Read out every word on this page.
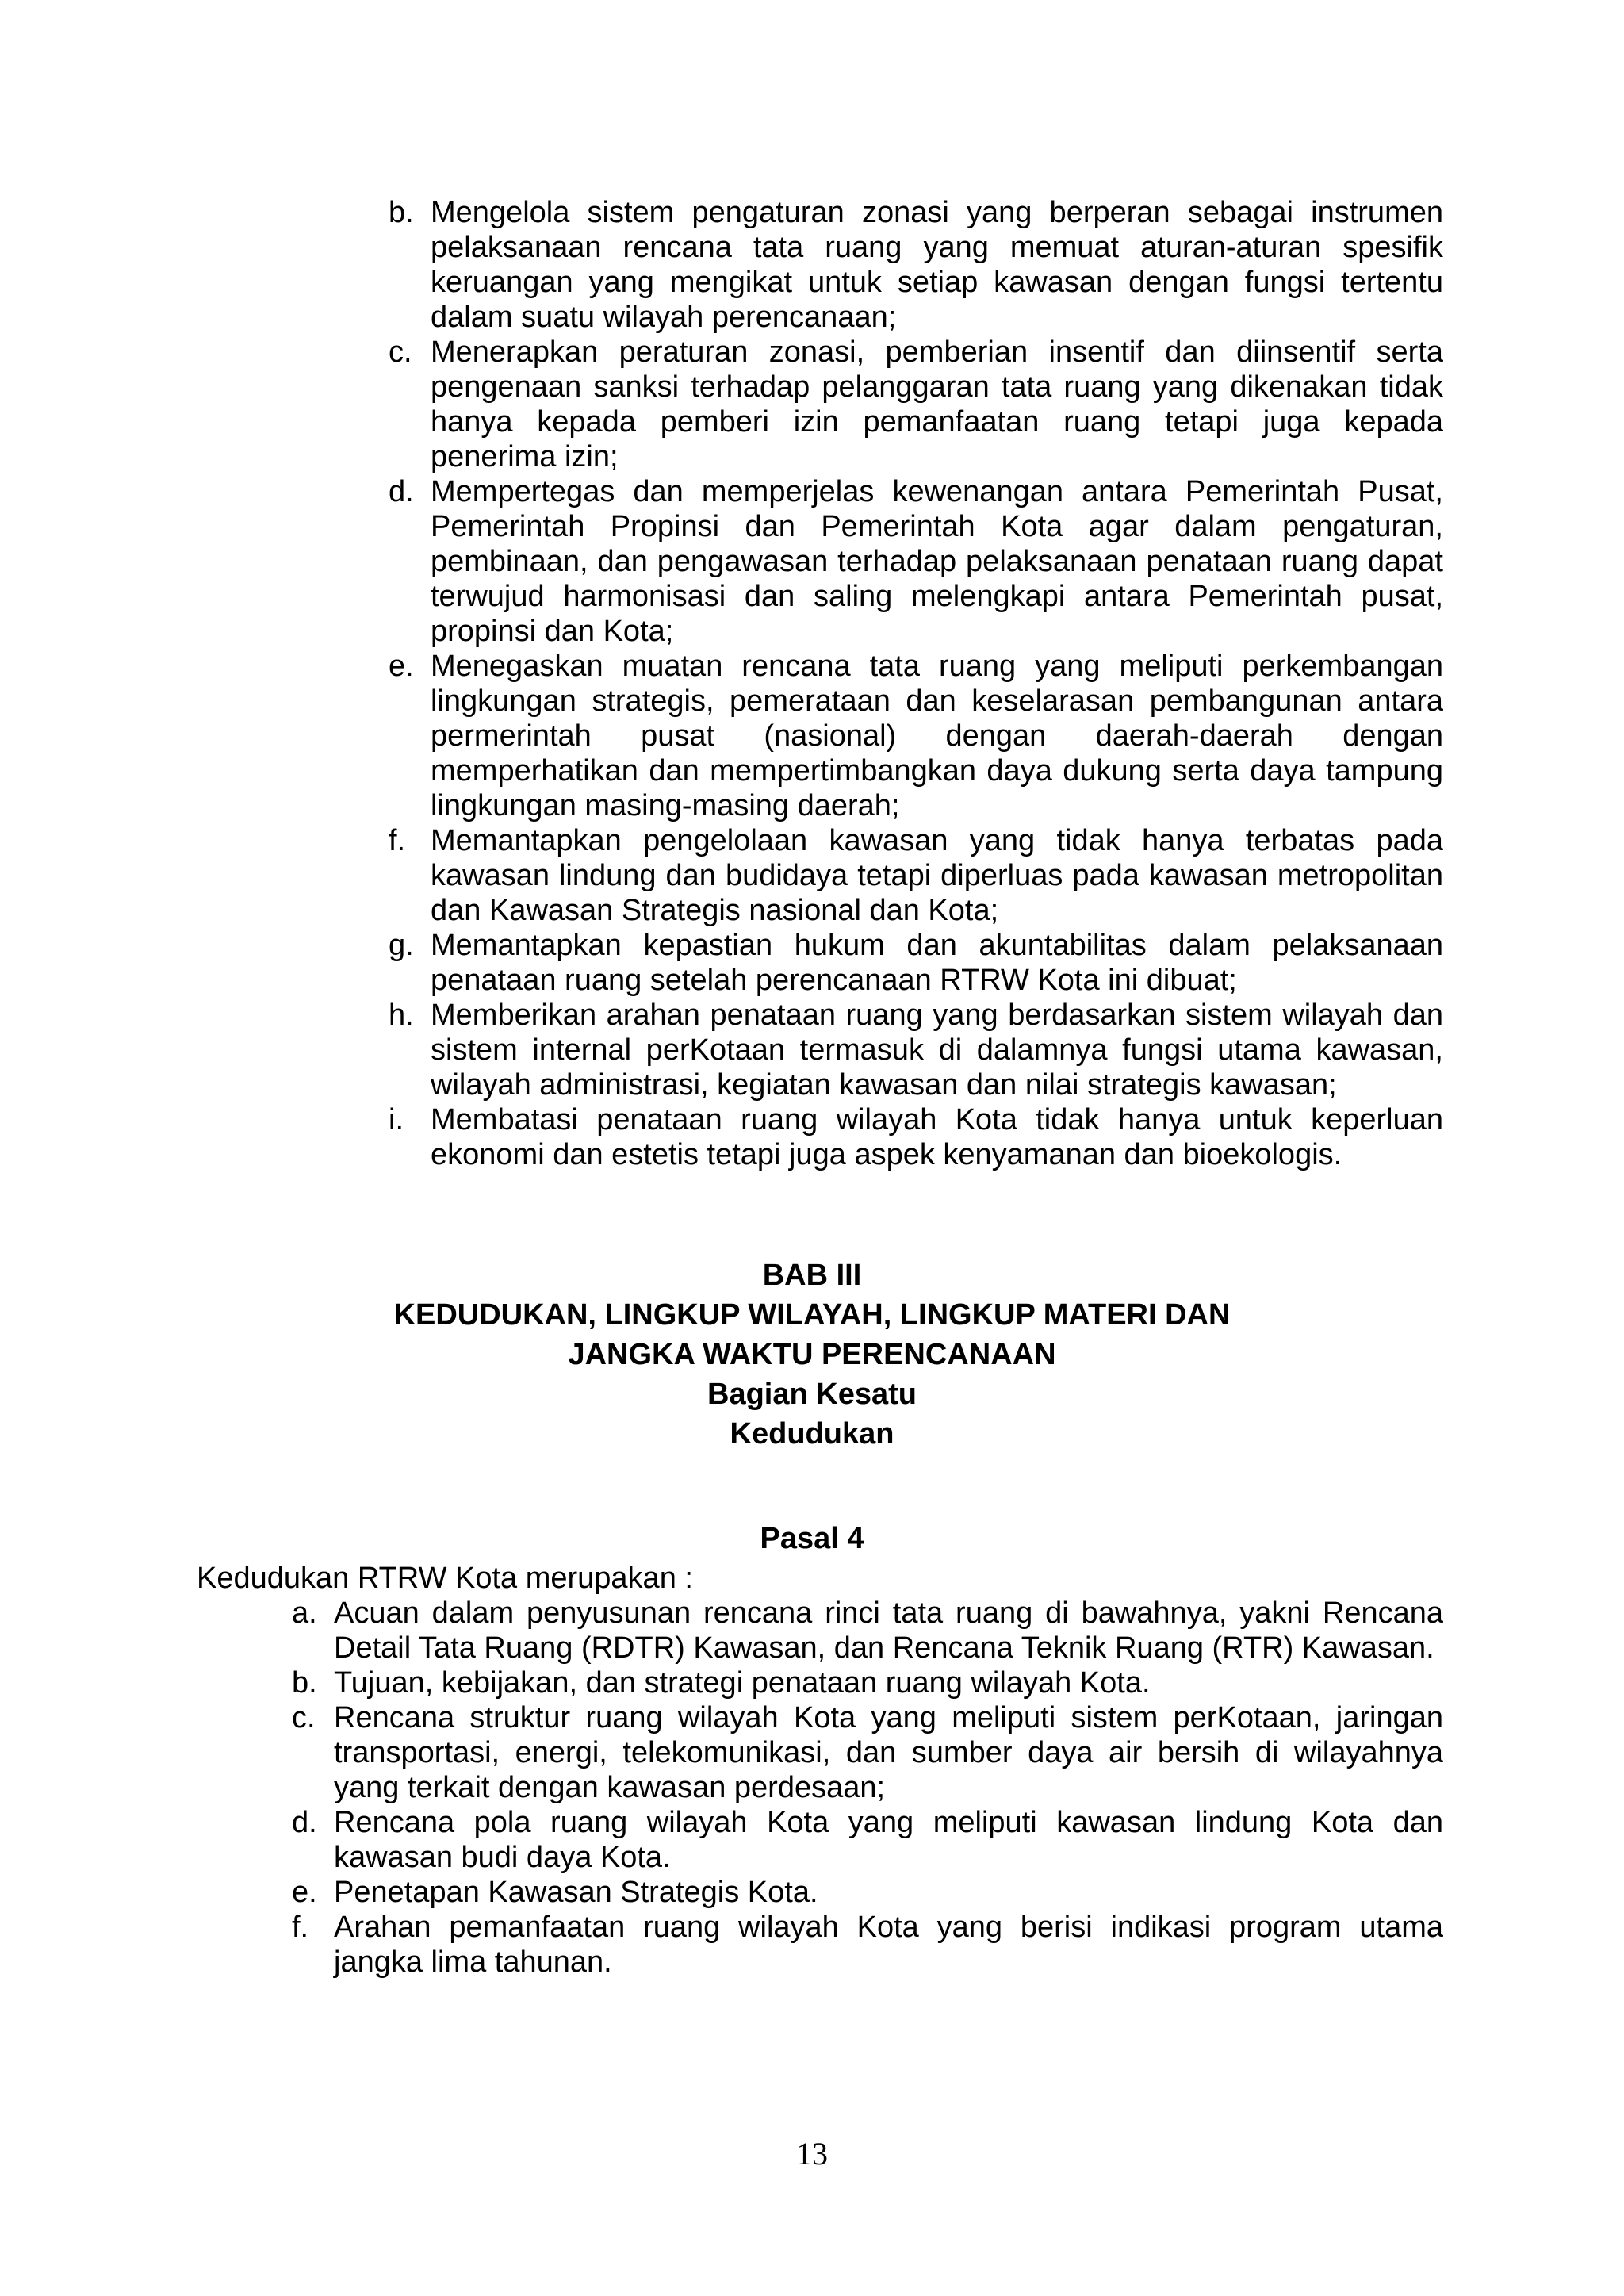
b. Mengelola sistem pengaturan zonasi yang berperan sebagai instrumen pelaksanaan rencana tata ruang yang memuat aturan-aturan spesifik keruangan yang mengikat untuk setiap kawasan dengan fungsi tertentu dalam suatu wilayah perencanaan;
c. Menerapkan peraturan zonasi, pemberian insentif dan diinsentif serta pengenaan sanksi terhadap pelanggaran tata ruang yang dikenakan tidak hanya kepada pemberi izin pemanfaatan ruang tetapi juga kepada penerima izin;
d. Mempertegas dan memperjelas kewenangan antara Pemerintah Pusat, Pemerintah Propinsi dan Pemerintah Kota agar dalam pengaturan, pembinaan, dan pengawasan terhadap pelaksanaan penataan ruang dapat terwujud harmonisasi dan saling melengkapi antara Pemerintah pusat, propinsi dan Kota;
e. Menegaskan muatan rencana tata ruang yang meliputi perkembangan lingkungan strategis, pemerataan dan keselarasan pembangunan antara permerintah pusat (nasional) dengan daerah-daerah dengan memperhatikan dan mempertimbangkan daya dukung serta daya tampung lingkungan masing-masing daerah;
f. Memantapkan pengelolaan kawasan yang tidak hanya terbatas pada kawasan lindung dan budidaya tetapi diperluas pada kawasan metropolitan dan Kawasan Strategis nasional dan Kota;
g. Memantapkan kepastian hukum dan akuntabilitas dalam pelaksanaan penataan ruang setelah perencanaan RTRW Kota ini dibuat;
h. Memberikan arahan penataan ruang yang berdasarkan sistem wilayah dan sistem internal perKotaan termasuk di dalamnya fungsi utama kawasan, wilayah administrasi, kegiatan kawasan dan nilai strategis kawasan;
i. Membatasi penataan ruang wilayah Kota tidak hanya untuk keperluan ekonomi dan estetis tetapi juga aspek kenyamanan dan bioekologis.
BAB III
KEDUDUKAN, LINGKUP WILAYAH, LINGKUP MATERI DAN
JANGKA WAKTU PERENCANAAN
Bagian Kesatu
Kedudukan
Pasal 4
Kedudukan RTRW Kota merupakan :
a. Acuan dalam penyusunan rencana rinci tata ruang di bawahnya, yakni Rencana Detail Tata Ruang (RDTR) Kawasan, dan Rencana Teknik Ruang (RTR) Kawasan.
b. Tujuan, kebijakan, dan strategi penataan ruang wilayah Kota.
c. Rencana struktur ruang wilayah Kota yang meliputi sistem perKotaan, jaringan transportasi, energi, telekomunikasi, dan sumber daya air bersih di wilayahnya yang terkait dengan kawasan perdesaan;
d. Rencana pola ruang wilayah Kota yang meliputi kawasan lindung Kota dan kawasan budi daya Kota.
e. Penetapan Kawasan Strategis Kota.
f. Arahan pemanfaatan ruang wilayah Kota yang berisi indikasi program utama jangka lima tahunan.
13
